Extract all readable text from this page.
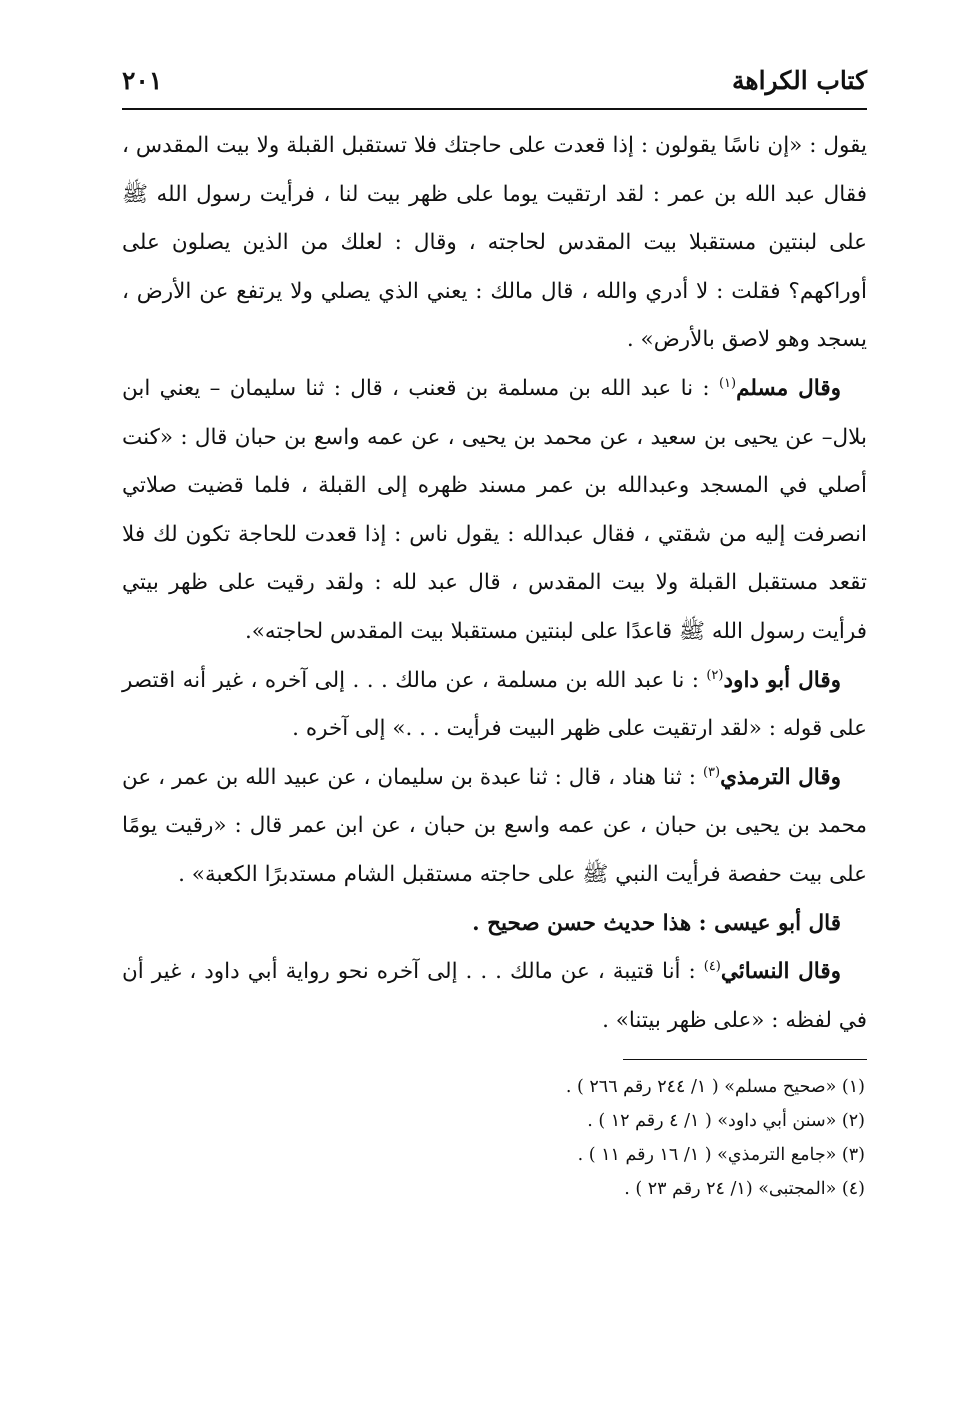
كتاب الكراهة
٢٠١

يقول : «إن ناسًا يقولون : إذا قعدت على حاجتك فلا تستقبل القبلة ولا بيت المقدس ، فقال عبد الله بن عمر : لقد ارتقيت يوما على ظهر بيت لنا ، فرأيت رسول الله ﷺ على لبنتين مستقبلا بيت المقدس لحاجته ، وقال : لعلك من الذين يصلون على أوراكهم؟ فقلت : لا أدري والله ، قال مالك : يعني الذي يصلي ولا يرتفع عن الأرض ، يسجد وهو لاصق بالأرض» .

وقال مسلم$^{(١)}$ : نا عبد الله بن مسلمة بن قعنب ، قال : ثنا سليمان – يعني ابن بلال– عن يحيى بن سعيد ، عن محمد بن يحيى ، عن عمه واسع بن حبان قال : «كنت أصلي في المسجد وعبدالله بن عمر مسند ظهره إلى القبلة ، فلما قضيت صلاتي انصرفت إليه من شقتي ، فقال عبدالله : يقول ناس : إذا قعدت للحاجة تكون لك فلا تقعد مستقبل القبلة ولا بيت المقدس ، قال عبد لله : ولقد رقيت على ظهر بيتي فرأيت رسول الله ﷺ قاعدًا على لبنتين مستقبلا بيت المقدس لحاجته».

وقال أبو داود$^{(٢)}$ : نا عبد الله بن مسلمة ، عن مالك . . . إلى آخره ، غير أنه اقتصر على قوله : «لقد ارتقيت على ظهر البيت فرأيت . . .» إلى آخره .

وقال الترمذي$^{(٣)}$ : ثنا هناد ، قال : ثنا عبدة بن سليمان ، عن عبيد الله بن عمر ، عن محمد بن يحيى بن حبان ، عن عمه واسع بن حبان ، عن ابن عمر قال : «رقيت يومًا على بيت حفصة فرأيت النبي ﷺ على حاجته مستقبل الشام مستدبرًا الكعبة» .

قال أبو عيسى : هذا حديث حسن صحيح .

وقال النسائي$^{(٤)}$ : أنا قتيبة ، عن مالك . . . إلى آخره نحو رواية أبي داود ، غير أن في لفظه : «على ظهر بيتنا» .

(١) «صحيح مسلم» ( ١/ ٢٤٤ رقم ٢٦٦ ) .

(٢) «سنن أبي داود» ( ١/ ٤ رقم ١٢ ) .

(٣) «جامع الترمذي» ( ١/ ١٦ رقم ١١ ) .

(٤) «المجتبى» (١/ ٢٤ رقم ٢٣ ) .
